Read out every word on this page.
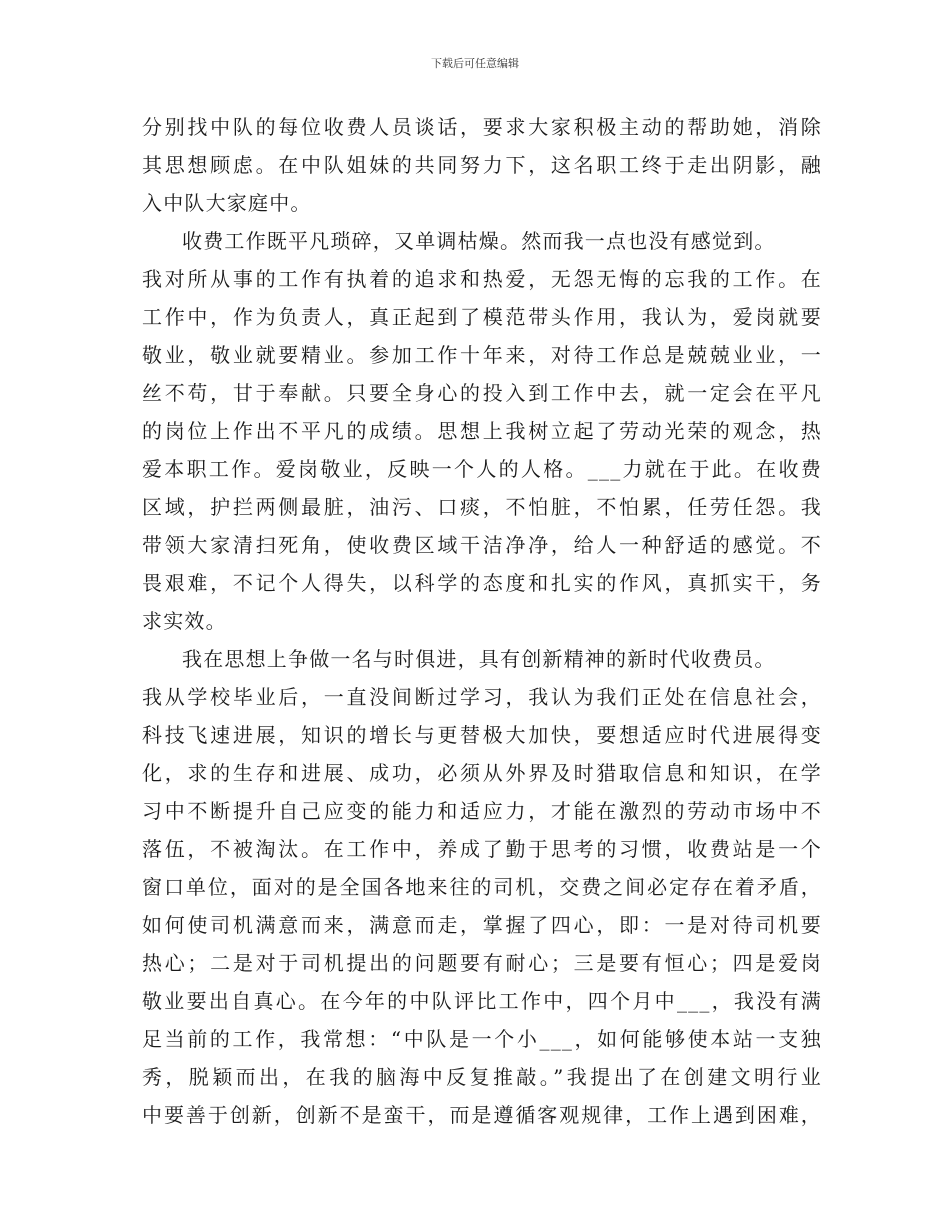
下载后可任意编辑
分别找中队的每位收费人员谈话，要求大家积极主动的帮助她，消除
其思想顾虑。在中队姐妹的共同努力下，这名职工终于走出阴影，融
入中队大家庭中。
收费工作既平凡琐碎，又单调枯燥。然而我一点也没有感觉到。
我对所从事的工作有执着的追求和热爱，无怨无悔的忘我的工作。在
工作中，作为负责人，真正起到了模范带头作用，我认为，爱岗就要
敬业，敬业就要精业。参加工作十年来，对待工作总是兢兢业业，一
丝不苟，甘于奉献。只要全身心的投入到工作中去，就一定会在平凡
的岗位上作出不平凡的成绩。思想上我树立起了劳动光荣的观念，热
爱本职工作。爱岗敬业，反映一个人的人格。___力就在于此。在收费
区域，护拦两侧最脏，油污、口痰，不怕脏，不怕累，任劳任怨。我
带领大家清扫死角，使收费区域干洁净净，给人一种舒适的感觉。不
畏艰难，不记个人得失，以科学的态度和扎实的作风，真抓实干，务
求实效。
我在思想上争做一名与时俱进，具有创新精神的新时代收费员。
我从学校毕业后，一直没间断过学习，我认为我们正处在信息社会，
科技飞速进展，知识的增长与更替极大加快，要想适应时代进展得变
化，求的生存和进展、成功，必须从外界及时猎取信息和知识，在学
习中不断提升自己应变的能力和适应力，才能在激烈的劳动市场中不
落伍，不被淘汰。在工作中，养成了勤于思考的习惯，收费站是一个
窗口单位，面对的是全国各地来往的司机，交费之间必定存在着矛盾，
如何使司机满意而来，满意而走，掌握了四心，即：一是对待司机要
热心；二是对于司机提出的问题要有耐心；三是要有恒心；四是爱岗
敬业要出自真心。在今年的中队评比工作中，四个月中___，我没有满
足当前的工作，我常想：“中队是一个小___，如何能够使本站一支独
秀，脱颖而出，在我的脑海中反复推敲。”我提出了在创建文明行业
中要善于创新，创新不是蛮干，而是遵循客观规律，工作上遇到困难，
